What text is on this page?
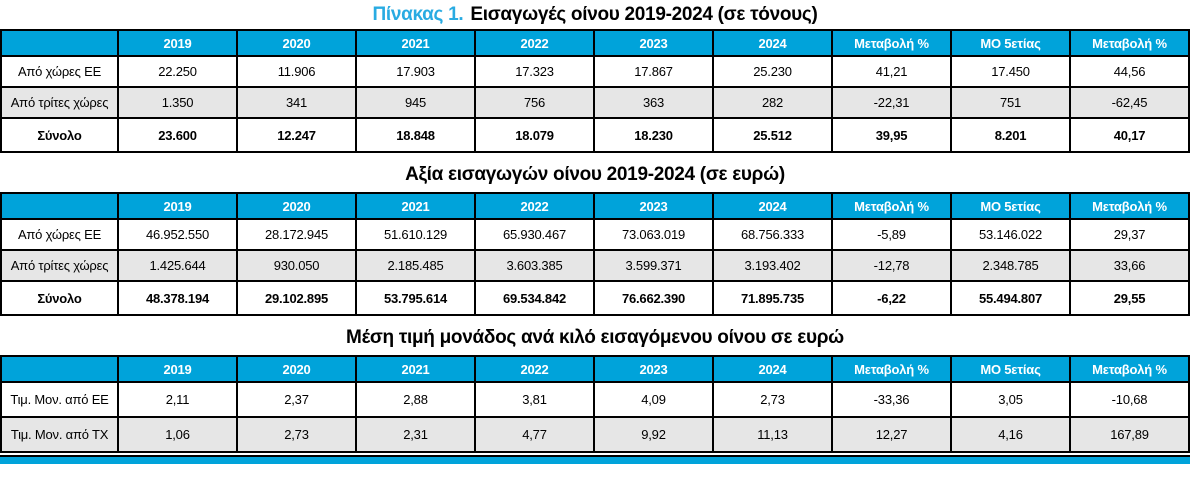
Πίνακας 1. Εισαγωγές οίνου 2019-2024 (σε τόνους)
	2019	2020	2021	2022	2023	2024	Μεταβολή %	ΜΟ 5ετίας	Μεταβολή %
Από χώρες ΕΕ	22.250	11.906	17.903	17.323	17.867	25.230	41,21	17.450	44,56
Από τρίτες χώρες	1.350	341	945	756	363	282	-22,31	751	-62,45
Σύνολο	23.600	12.247	18.848	18.079	18.230	25.512	39,95	8.201	40,17
Αξία εισαγωγών οίνου 2019-2024 (σε ευρώ)
	2019	2020	2021	2022	2023	2024	Μεταβολή %	ΜΟ 5ετίας	Μεταβολή %
Από χώρες ΕΕ	46.952.550	28.172.945	51.610.129	65.930.467	73.063.019	68.756.333	-5,89	53.146.022	29,37
Από τρίτες χώρες	1.425.644	930.050	2.185.485	3.603.385	3.599.371	3.193.402	-12,78	2.348.785	33,66
Σύνολο	48.378.194	29.102.895	53.795.614	69.534.842	76.662.390	71.895.735	-6,22	55.494.807	29,55
Μέση τιμή μονάδος ανά κιλό εισαγόμενου οίνου σε ευρώ
	2019	2020	2021	2022	2023	2024	Μεταβολή %	ΜΟ 5ετίας	Μεταβολή %
Τιμ. Μον. από ΕΕ	2,11	2,37	2,88	3,81	4,09	2,73	-33,36	3,05	-10,68
Τιμ. Μον. από ΤΧ	1,06	2,73	2,31	4,77	9,92	11,13	12,27	4,16	167,89
